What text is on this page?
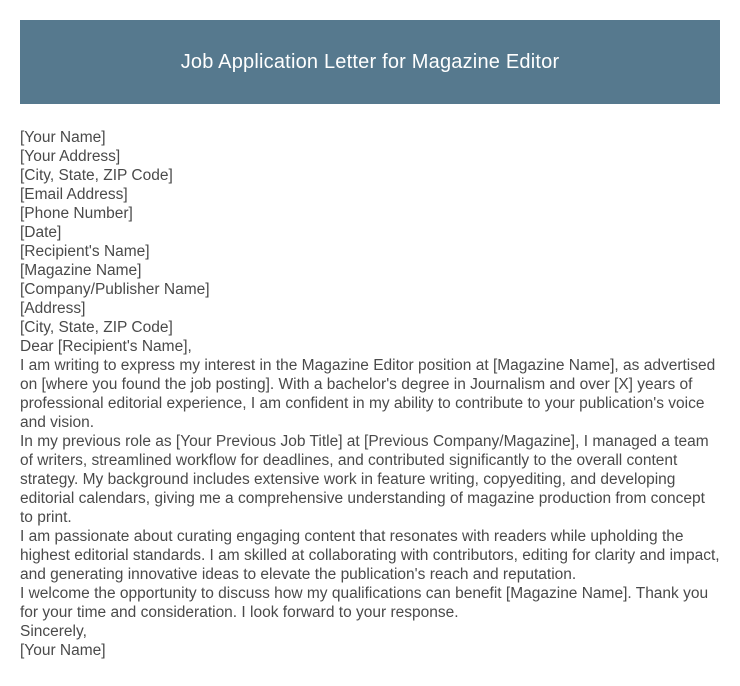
Job Application Letter for Magazine Editor
[Your Name]
[Your Address]
[City, State, ZIP Code]
[Email Address]
[Phone Number]
[Date]
[Recipient's Name]
[Magazine Name]
[Company/Publisher Name]
[Address]
[City, State, ZIP Code]
Dear [Recipient's Name],

I am writing to express my interest in the Magazine Editor position at [Magazine Name], as advertised on [where you found the job posting]. With a bachelor's degree in Journalism and over [X] years of professional editorial experience, I am confident in my ability to contribute to your publication's voice and vision.

In my previous role as [Your Previous Job Title] at [Previous Company/Magazine], I managed a team of writers, streamlined workflow for deadlines, and contributed significantly to the overall content strategy. My background includes extensive work in feature writing, copyediting, and developing editorial calendars, giving me a comprehensive understanding of magazine production from concept to print.

I am passionate about curating engaging content that resonates with readers while upholding the highest editorial standards. I am skilled at collaborating with contributors, editing for clarity and impact, and generating innovative ideas to elevate the publication's reach and reputation.

I welcome the opportunity to discuss how my qualifications can benefit [Magazine Name]. Thank you for your time and consideration. I look forward to your response.

Sincerely,
[Your Name]
